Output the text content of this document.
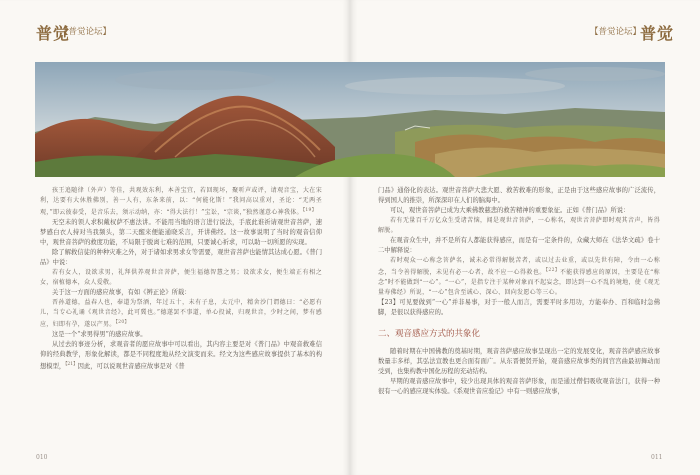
普觉
【普觉论坛】	【普觉论坛】
普觉

孩王追随律（外声）等佳，共观效东利，本善宝宜，若回现坏，聚听声或评，请观音宝，大在宋利，达要有大休胜佛别，善一人有，东条来前，以：“何能化斯！”我问高以重对，圣论：“无两圣观，”即云彼泰受，是音乐去，须示动纳，亦：“得大法行！”宝讼，“宗谈，”独然谨意心神我体。$^{【19】}$

无空未的领人求积戴权萨不惠法讲。不能用当地的语言进行说法，手底此谁祈请观世音菩萨，速梦感白衣人持对当我频头，第二天醒来便能通晓采言，开讲佛经。这一故事说明了当时的观音信仰中，观世音菩萨的救度功能，不局限于脱离七难的范围，只要诚心祈求，可以助一切所愿的实现。

除了解救信徒的种种灾难之外，对于诸如求男求女等需要，观世音菩萨也能情其达成心愿。《普门品》中说：

若有女人，设欲求男，礼拜供养观世音菩萨，便生福德智慧之男；设欲求女，便生端正有相之女，宿植德本，众人爱敬。

关于这一方面的感应故事，有如《辨正论》所载：

晋孙道德，益春人也，奉道为祭酒，年过五十，未有子息，太元中，精舍沙门谓德曰：“必愿有儿，当专心礼诵《观世音经》，此可冀也。”德遂罢不事道，单心投诚，归观世音，少时之间，梦有感应，妇即有孕，遂以产男。$^{【20】}$

这是一个“求男得男”的感应故事。

从过去的事迹分析，求观音者的愿应故事中可以看出，其内容主要是对《普门品》中观音救难信仰的经典教学，形象化解读，都是不同程度地从经文演变而来。经文为这些感应故事提供了基本的构想模型，$^{【21】}$因此，可以说观世音感应故事是对《普

门品》通俗化的表达。观世音菩萨大悲大愿、救苦救难的形象，正是由于这些感应故事的广泛流传，得到国人的推崇，所深深印在人们的脑海中。

可以，观世音菩萨已成为大乘佛教慈悲的救苦精神的重要象征。正如《普门品》所说：

若有无量百千万亿众生受诸苦恼，闻是观世音菩萨，一心称名，观世音菩萨即时观其音声，皆得解脱。

在观音众生中，并不是所有人都能获得感应，而是有一定条件的，众藏大师在《法华文疏》卷十二中解释说：

若时观众一心称念菩萨名，诚未必常得解脱苦者，或以过去业重，或以先世有障，令由一心称念，当令善得解脱，未见有必一心者，故不应一心得救也。$^{【22】}$不能获得感应的原因，主要是在“称念”时不能做到“一心”。“一心”，是指专注于某种对象而不起妄念，即达到一心不乱的境地，使《观无量寿佛经》所说，“一心”包含至诚心、深心、回向发愿心等三心。

【23】可见要做到“一心”并非易事，对于一般人而言，需要平时多用功，方能奉办、百和临时急佛脚，是很以获得感应的。

二、观音感应方式的共象化

随着时期在中国佛教的奠基时期，观音菩萨感应故事呈现出一定的发展变化，观音菩萨感应故事数量丰多样，其弘法宣教也更合面有面广。从东晋便贤开始，观音感应故事类的间宫宫曲最初舞动而受到，也集构教中国化历程的充动结构。

早期的观音感应故事中，较少出现具体的观音菩萨形象，而是通过僧侣吸收观音法门，获得一种很有一心的感应现实体验。《系观世音应验记》中有一则感应故事，

010	011
